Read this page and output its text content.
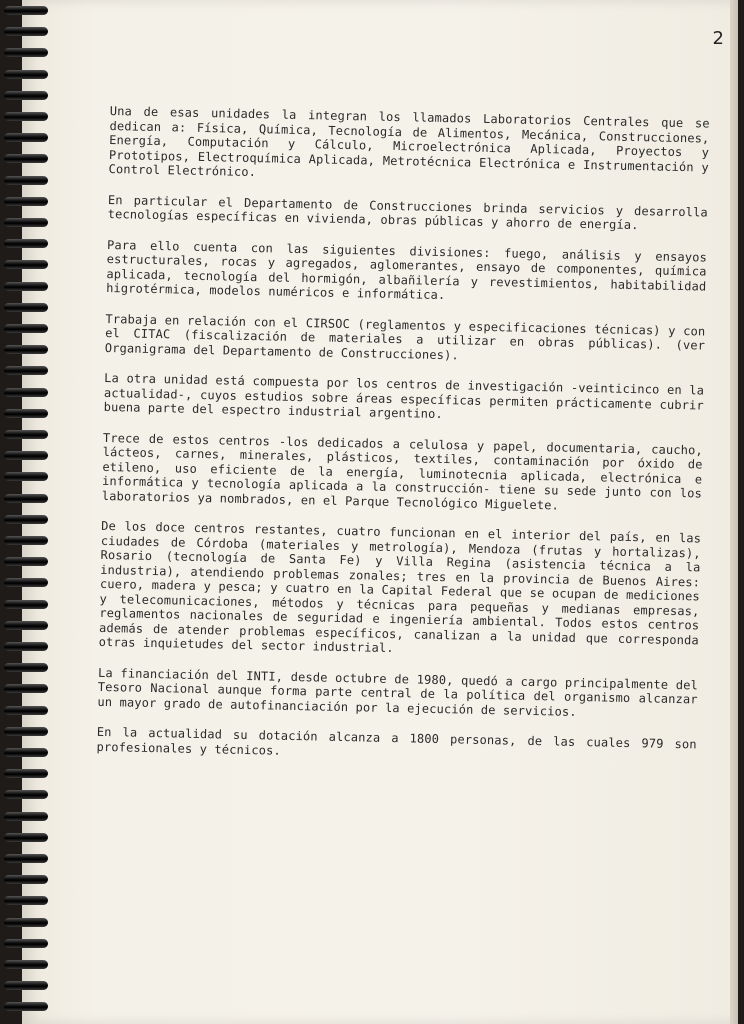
2

Una de esas unidades la integran los llamados Laboratorios Centrales que se dedican a: Física, Química, Tecnología de Alimentos, Mecánica, Construcciones, Energía, Computación y Cálculo, Microelectrónica Aplicada, Proyectos y Prototipos, Electroquímica Aplicada, Metrotécnica Electrónica e Instrumentación y Control Electrónico.

En particular el Departamento de Construcciones brinda servicios y desarrolla tecnologías específicas en vivienda, obras públicas y ahorro de energía.

Para ello cuenta con las siguientes divisiones: fuego, análisis y ensayos estructurales, rocas y agregados, aglomerantes, ensayo de componentes, química aplicada, tecnología del hormigón, albañilería y revestimientos, habitabilidad higrotérmica, modelos numéricos e informática.

Trabaja en relación con el CIRSOC (reglamentos y especificaciones técnicas) y con el CITAC (fiscalización de materiales a utilizar en obras públicas). (ver Organigrama del Departamento de Construcciones).

La otra unidad está compuesta por los centros de investigación -veinticinco en la actualidad-, cuyos estudios sobre áreas específicas permiten prácticamente cubrir buena parte del espectro industrial argentino.

Trece de estos centros -los dedicados a celulosa y papel, documentaria, caucho, lácteos, carnes, minerales, plásticos, textiles, contaminación por óxido de etileno, uso eficiente de la energía, luminotecnia aplicada, electrónica e informática y tecnología aplicada a la construcción- tiene su sede junto con los laboratorios ya nombrados, en el Parque Tecnológico Miguelete.

De los doce centros restantes, cuatro funcionan en el interior del país, en las ciudades de Córdoba (materiales y metrología), Mendoza (frutas y hortalizas), Rosario (tecnología de Santa Fe) y Villa Regina (asistencia técnica a la industria), atendiendo problemas zonales; tres en la provincia de Buenos Aires: cuero, madera y pesca; y cuatro en la Capital Federal que se ocupan de mediciones y telecomunicaciones, métodos y técnicas para pequeñas y medianas empresas, reglamentos nacionales de seguridad e ingeniería ambiental. Todos estos centros además de atender problemas específicos, canalizan a la unidad que corresponda otras inquietudes del sector industrial.

La financiación del INTI, desde octubre de 1980, quedó a cargo principalmente del Tesoro Nacional aunque forma parte central de la política del organismo alcanzar un mayor grado de autofinanciación por la ejecución de servicios.

En la actualidad su dotación alcanza a 1800 personas, de las cuales 979 son profesionales y técnicos.
